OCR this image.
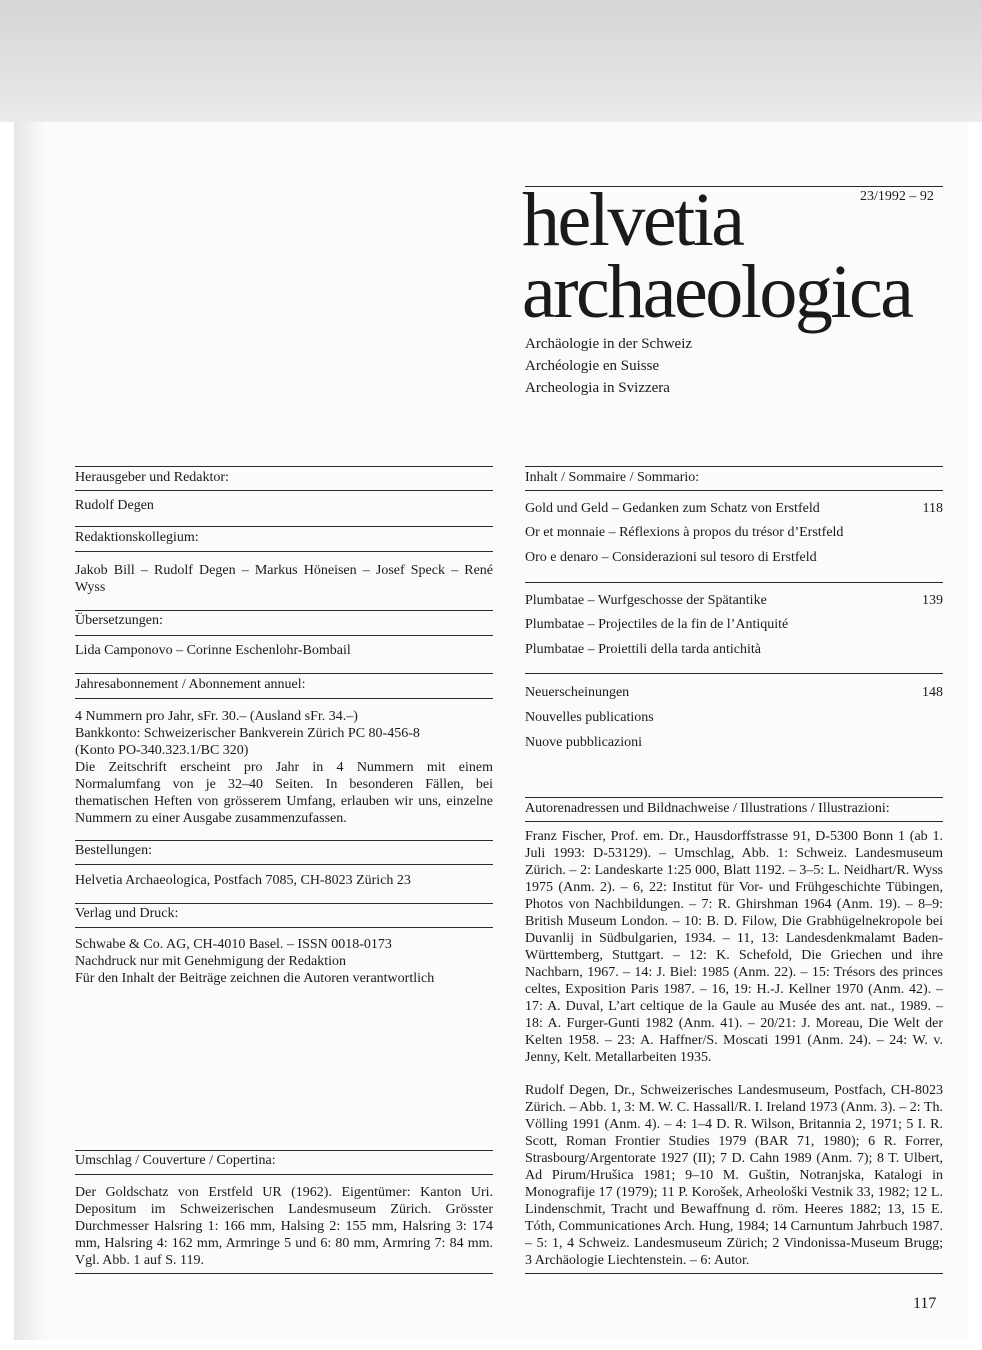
23/1992 – 92
helvetia
archaeologica
Archäologie in der Schweiz
Archéologie en Suisse
Archeologia in Svizzera
Herausgeber und Redaktor:
Rudolf Degen
Redaktionskollegium:
Jakob Bill – Rudolf Degen – Markus Höneisen – Josef Speck – René Wyss
Übersetzungen:
Lida Camponovo – Corinne Eschenlohr-Bombail
Jahresabonnement / Abonnement annuel:
4 Nummern pro Jahr, sFr. 30.– (Ausland sFr. 34.–)
Bankkonto: Schweizerischer Bankverein Zürich PC 80-456-8
(Konto PO-340.323.1/BC 320)
Die Zeitschrift erscheint pro Jahr in 4 Nummern mit einem Normalumfang von je 32–40 Seiten. In besonderen Fällen, bei thematischen Heften von grösserem Umfang, erlauben wir uns, einzelne Nummern zu einer Ausgabe zusammenzufassen.
Bestellungen:
Helvetia Archaeologica, Postfach 7085, CH-8023 Zürich 23
Verlag und Druck:
Schwabe & Co. AG, CH-4010 Basel. – ISSN 0018-0173
Nachdruck nur mit Genehmigung der Redaktion
Für den Inhalt der Beiträge zeichnen die Autoren verantwortlich
Umschlag / Couverture / Copertina:
Der Goldschatz von Erstfeld UR (1962). Eigentümer: Kanton Uri. Depositum im Schweizerischen Landesmuseum Zürich. Grösster Durchmesser Halsring 1: 166 mm, Halsing 2: 155 mm, Halsring 3: 174 mm, Halsring 4: 162 mm, Armringe 5 und 6: 80 mm, Armring 7: 84 mm. Vgl. Abb. 1 auf S. 119.
Inhalt / Sommaire / Sommario:
Gold und Geld – Gedanken zum Schatz von Erstfeld	118
Or et monnaie – Réflexions à propos du trésor d’Erstfeld
Oro e denaro – Considerazioni sul tesoro di Erstfeld
Plumbatae – Wurfgeschosse der Spätantike	139
Plumbatae – Projectiles de la fin de l’Antiquité
Plumbatae – Proiettili della tarda antichità
Neuerscheinungen	148
Nouvelles publications
Nuove pubblicazioni
Autorenadressen und Bildnachweise / Illustrations / Illustrazioni:
Franz Fischer, Prof. em. Dr., Hausdorffstrasse 91, D-5300 Bonn 1 (ab 1. Juli 1993: D-53129). – Umschlag, Abb. 1: Schweiz. Landesmuseum Zürich. – 2: Landeskarte 1:25 000, Blatt 1192. – 3–5: L. Neidhart/R. Wyss 1975 (Anm. 2). – 6, 22: Institut für Vor- und Frühgeschichte Tübingen, Photos von Nachbildungen. – 7: R. Ghirshman 1964 (Anm. 19). – 8–9: British Museum London. – 10: B. D. Filow, Die Grabhügelnekropole bei Duvanlij in Südbulgarien, 1934. – 11, 13: Landesdenkmalamt Baden-Württemberg, Stuttgart. – 12: K. Schefold, Die Griechen und ihre Nachbarn, 1967. – 14: J. Biel: 1985 (Anm. 22). – 15: Trésors des princes celtes, Exposition Paris 1987. – 16, 19: H.-J. Kellner 1970 (Anm. 42). – 17: A. Duval, L’art celtique de la Gaule au Musée des ant. nat., 1989. – 18: A. Furger-Gunti 1982 (Anm. 41). – 20/21: J. Moreau, Die Welt der Kelten 1958. – 23: A. Haffner/S. Moscati 1991 (Anm. 24). – 24: W. v. Jenny, Kelt. Metallarbeiten 1935.
Rudolf Degen, Dr., Schweizerisches Landesmuseum, Postfach, CH-8023 Zürich. – Abb. 1, 3: M. W. C. Hassall/R. I. Ireland 1973 (Anm. 3). – 2: Th. Völling 1991 (Anm. 4). – 4: 1–4 D. R. Wilson, Britannia 2, 1971; 5 I. R. Scott, Roman Frontier Studies 1979 (BAR 71, 1980); 6 R. Forrer, Strasbourg/Argentorate 1927 (II); 7 D. Cahn 1989 (Anm. 7); 8 T. Ulbert, Ad Pirum/Hrušica 1981; 9–10 M. Guštin, Notranjska, Katalogi in Monografije 17 (1979); 11 P. Korošek, Arheološki Vestnik 33, 1982; 12 L. Lindenschmit, Tracht und Bewaffnung d. röm. Heeres 1882; 13, 15 E. Tóth, Communicationes Arch. Hung, 1984; 14 Carnuntum Jahrbuch 1987. – 5: 1, 4 Schweiz. Landesmuseum Zürich; 2 Vindonissa-Museum Brugg; 3 Archäologie Liechtenstein. – 6: Autor.
117
